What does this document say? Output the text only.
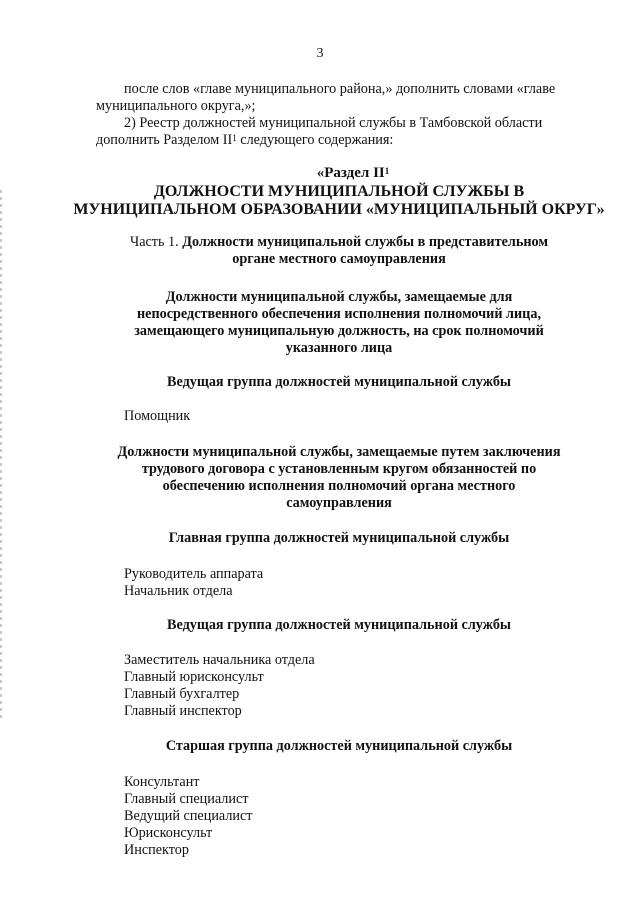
3
после слов «главе муниципального района,» дополнить словами «главе
муниципального округа,»;
2) Реестр должностей муниципальной службы в Тамбовской области
дополнить Разделом $II^1$ следующего содержания:
«Раздел $II^1$
ДОЛЖНОСТИ МУНИЦИПАЛЬНОЙ СЛУЖБЫ В
МУНИЦИПАЛЬНОМ ОБРАЗОВАНИИ «МУНИЦИПАЛЬНЫЙ ОКРУГ»
Часть 1. Должности муниципальной службы в представительном
органе местного самоуправления
Должности муниципальной службы, замещаемые для
непосредственного обеспечения исполнения полномочий лица,
замещающего муниципальную должность, на срок полномочий
указанного лица
Ведущая группа должностей муниципальной службы
Помощник
Должности муниципальной службы, замещаемые путем заключения
трудового договора с установленным кругом обязанностей по
обеспечению исполнения полномочий органа местного
самоуправления
Главная группа должностей муниципальной службы
Руководитель аппарата
Начальник отдела
Ведущая группа должностей муниципальной службы
Заместитель начальника отдела
Главный юрисконсульт
Главный бухгалтер
Главный инспектор
Старшая группа должностей муниципальной службы
Консультант
Главный специалист
Ведущий специалист
Юрисконсульт
Инспектор
